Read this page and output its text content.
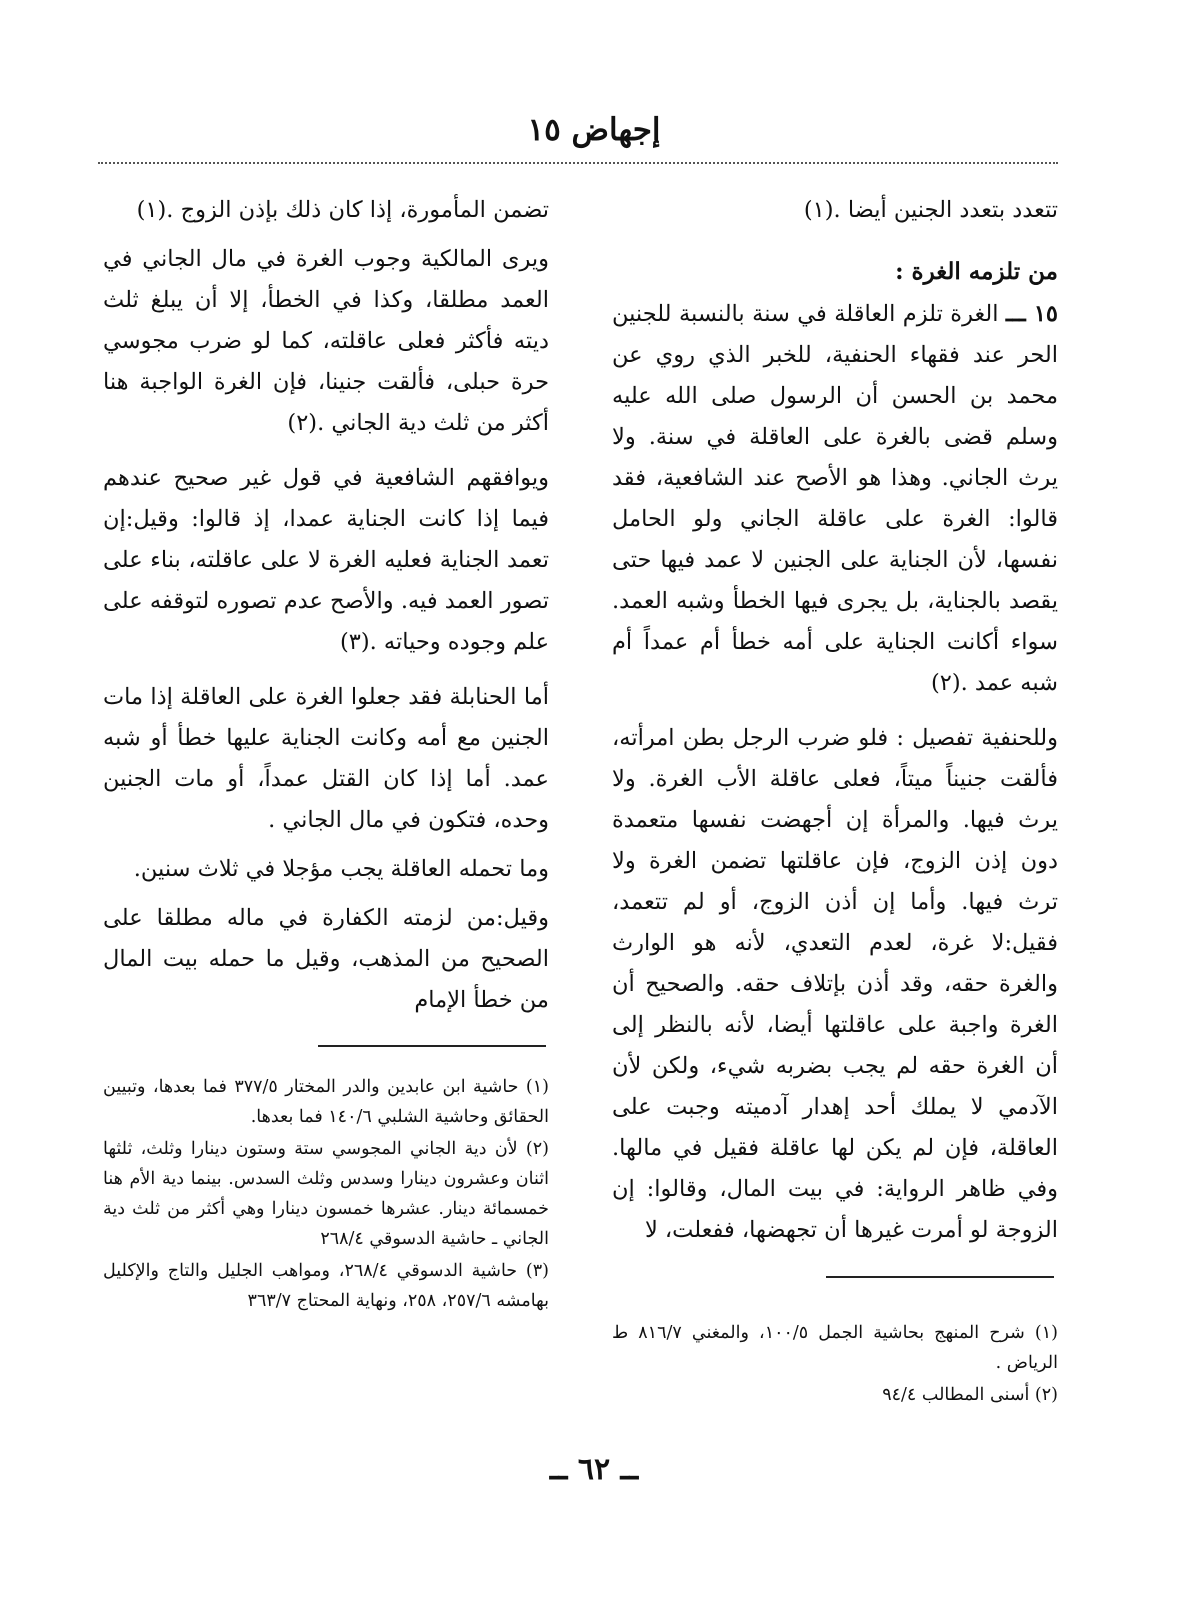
إجهاض ١٥

تتعدد بتعدد الجنين أيضا .(١)

من تلزمه الغرة :

١٥ ـــ الغرة تلزم العاقلة في سنة بالنسبة للجنين الحر عند فقهاء الحنفية، للخبر الذي روي عن محمد بن الحسن أن الرسول صلى الله عليه وسلم قضى بالغرة على العاقلة في سنة. ولا يرث الجاني. وهذا هو الأصح عند الشافعية، فقد قالوا: الغرة على عاقلة الجاني ولو الحامل نفسها، لأن الجناية على الجنين لا عمد فيها حتى يقصد بالجناية، بل يجرى فيها الخطأ وشبه العمد. سواء أكانت الجناية على أمه خطأ أم عمداً أم شبه عمد .(٢)

وللحنفية تفصيل : فلو ضرب الرجل بطن امرأته، فألقت جنيناً ميتاً، فعلى عاقلة الأب الغرة. ولا يرث فيها. والمرأة إن أجهضت نفسها متعمدة دون إذن الزوج، فإن عاقلتها تضمن الغرة ولا ترث فيها. وأما إن أذن الزوج، أو لم تتعمد، فقيل:لا غرة، لعدم التعدي، لأنه هو الوارث والغرة حقه، وقد أذن بإتلاف حقه. والصحيح أن الغرة واجبة على عاقلتها أيضا، لأنه بالنظر إلى أن الغرة حقه لم يجب بضربه شيء، ولكن لأن الآدمي لا يملك أحد إهدار آدميته وجبت على العاقلة، فإن لم يكن لها عاقلة فقيل في مالها. وفي ظاهر الرواية: في بيت المال، وقالوا: إن الزوجة لو أمرت غيرها أن تجهضها، ففعلت، لا

تضمن المأمورة، إذا كان ذلك بإذن الزوج .(١)

ويرى المالكية وجوب الغرة في مال الجاني في العمد مطلقا، وكذا في الخطأ، إلا أن يبلغ ثلث ديته فأكثر فعلى عاقلته، كما لو ضرب مجوسي حرة حبلى، فألقت جنينا، فإن الغرة الواجبة هنا أكثر من ثلث دية الجاني .(٢)

ويوافقهم الشافعية في قول غير صحيح عندهم فيما إذا كانت الجناية عمدا، إذ قالوا: وقيل:إن تعمد الجناية فعليه الغرة لا على عاقلته، بناء على تصور العمد فيه. والأصح عدم تصوره لتوقفه على علم وجوده وحياته .(٣)

أما الحنابلة فقد جعلوا الغرة على العاقلة إذا مات الجنين مع أمه وكانت الجناية عليها خطأ أو شبه عمد. أما إذا كان القتل عمداً، أو مات الجنين وحده، فتكون في مال الجاني .

وما تحمله العاقلة يجب مؤجلا في ثلاث سنين.

وقيل:من لزمته الكفارة في ماله مطلقا على الصحيح من المذهب، وقيل ما حمله بيت المال من خطأ الإمام

(١) شرح المنهج بحاشية الجمل ١٠٠/٥، والمغني ٨١٦/٧ ط الرياض .

(٢) أسنى المطالب ٩٤/٤

(١) حاشية ابن عابدين والدر المختار ٣٧٧/٥ فما بعدها، وتبيين الحقائق وحاشية الشلبي ١٤٠/٦ فما بعدها.

(٢) لأن دية الجاني المجوسي ستة وستون دينارا وثلث، ثلثها اثنان وعشرون دينارا وسدس وثلث السدس. بينما دية الأم هنا خمسمائة دينار. عشرها خمسون دينارا وهي أكثر من ثلث دية الجاني ـ حاشية الدسوقي ٢٦٨/٤

(٣) حاشية الدسوقي ٢٦٨/٤، ومواهب الجليل والتاج والإكليل بهامشه ٢٥٧/٦، ٢٥٨، ونهاية المحتاج ٣٦٣/٧

ــ ٦٢ ــ
